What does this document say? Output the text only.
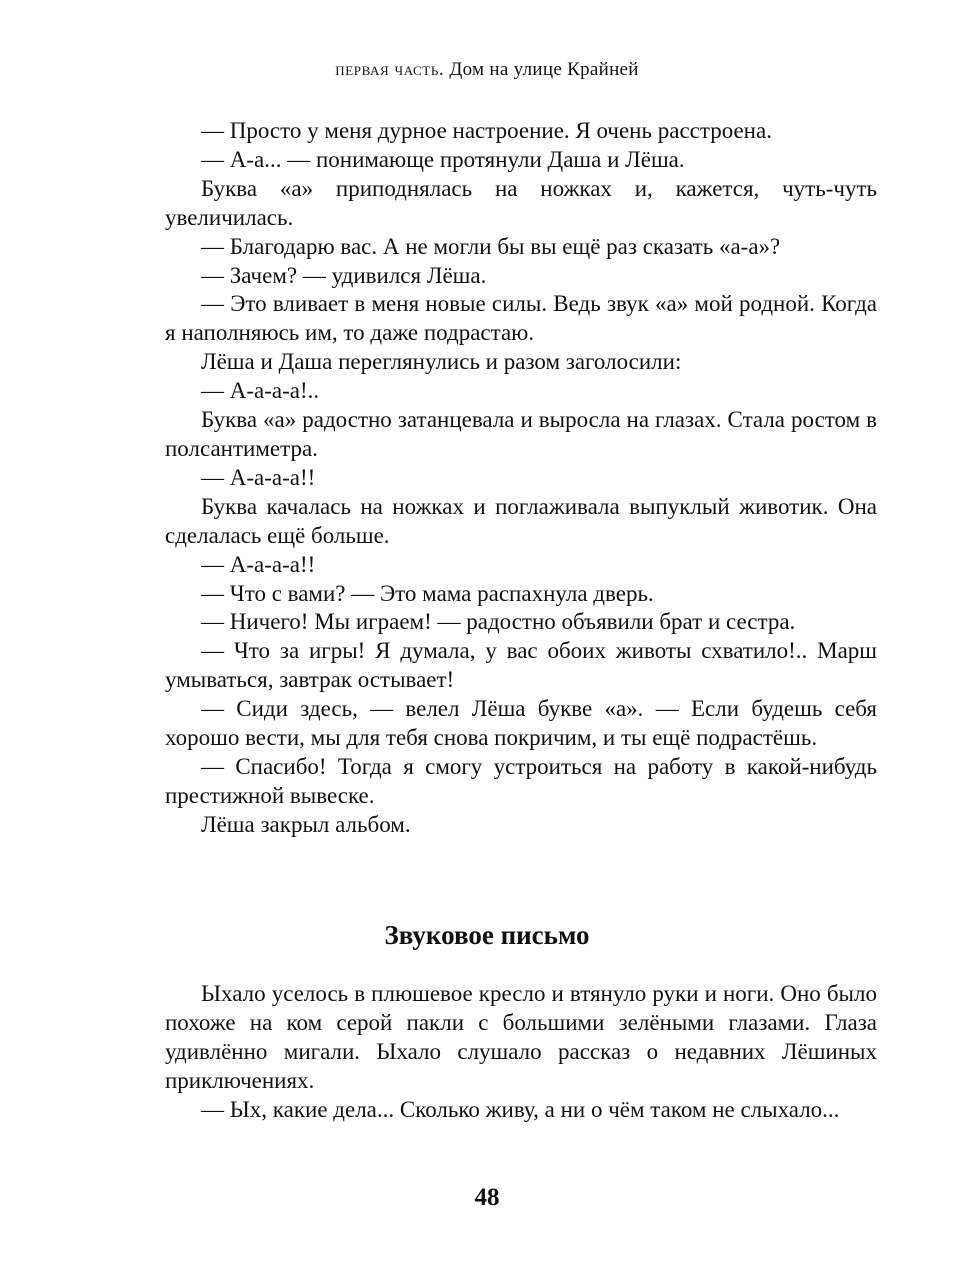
первая часть. Дом на улице Крайней

— Просто у меня дурное настроение. Я очень расстроена.

— А-а... — понимающе протянули Даша и Лёша.

Буква «а» приподнялась на ножках и, кажется, чуть-чуть увеличилась.

— Благодарю вас. А не могли бы вы ещё раз сказать «а-а»?

— Зачем? — удивился Лёша.

— Это вливает в меня новые силы. Ведь звук «а» мой родной. Когда я наполняюсь им, то даже подрастаю.

Лёша и Даша переглянулись и разом заголосили:

— А-а-а-а!..

Буква «а» радостно затанцевала и выросла на глазах. Стала ростом в полсантиметра.

— А-а-а-а!!

Буква качалась на ножках и поглаживала выпуклый животик. Она сделалась ещё больше.

— А-а-а-а!!

— Что с вами? — Это мама распахнула дверь.

— Ничего! Мы играем! — радостно объявили брат и сестра.

— Что за игры! Я думала, у вас обоих животы схватило!.. Марш умываться, завтрак остывает!

— Сиди здесь, — велел Лёша букве «а». — Если будешь себя хорошо вести, мы для тебя снова покричим, и ты ещё подрастёшь.

— Спасибо! Тогда я смогу устроиться на работу в какой-нибудь престижной вывеске.

Лёша закрыл альбом.

Звуковое письмо

Ыхало уселось в плюшевое кресло и втянуло руки и ноги. Оно было похоже на ком серой пакли с большими зелёными глазами. Глаза удивлённо мигали. Ыхало слушало рассказ о недавних Лёшиных приключениях.

— Ых, какие дела... Сколько живу, а ни о чём таком не слыхало...

48
